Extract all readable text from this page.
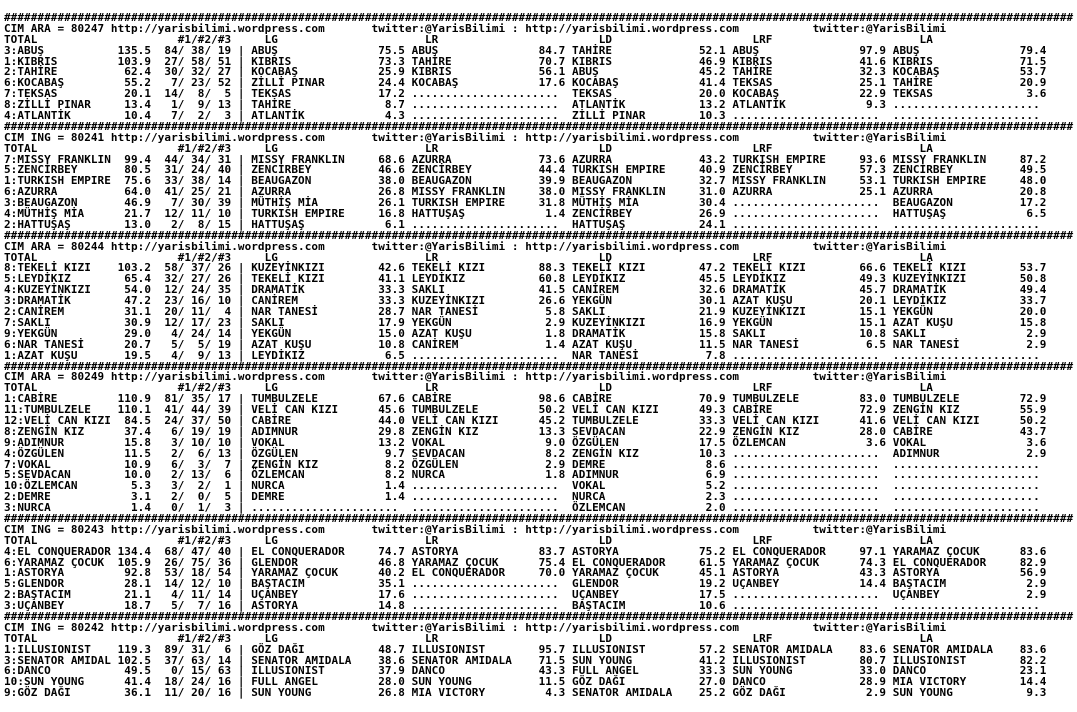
################################################################################################################################################################
CIM ARA = 80247 http://yarisbilimi.wordpress.com       twitter:@YarisBilimi : http://yarisbilimi.wordpress.com           twitter:@YarisBilimi
TOTAL                     #1/#2/#3     LG                      LR                        LD                     LRF                      LA
3:ABUŞ           135.5  84/ 38/ 19 | ABUŞ               75.5 ABUŞ               84.7 TAHİRE             52.1 ABUŞ               97.9 ABUŞ               79.4
1:KIBRIS         103.9  27/ 58/ 51 | KIBRIS             73.3 TAHİRE             70.7 KIBRIS             46.9 KIBRIS             41.6 KIBRIS             71.5
2:TAHİRE          62.4  30/ 32/ 27 | KOCABAŞ            25.9 KIBRIS             56.1 ABUŞ               45.2 TAHİRE             32.3 KOCABAŞ            53.7
6:KOCABAŞ         55.2   7/ 23/ 52 | ZİLLİ PINAR        24.4 KOCABAŞ            17.6 KOCABAŞ            41.4 TEKSAS             25.1 TAHİRE             20.9
7:TEKSAS          20.1  14/  8/  5 | TEKSAS             17.2 ......................  TEKSAS             20.0 KOCABAŞ            22.9 TEKSAS              3.6
8:ZİLLİ PINAR     13.4   1/  9/ 13 | TAHİRE              8.7 ......................  ATLANTİK           13.2 ATLANTİK            9.3 ......................
4:ATLANTİK        10.4   7/  2/  3 | ATLANTİK            4.3 ......................  ZİLLİ PINAR        10.3 ......................  ......................
################################################################################################################################################################
CIM ING = 80241 http://yarisbilimi.wordpress.com       twitter:@YarisBilimi : http://yarisbilimi.wordpress.com           twitter:@YarisBilimi
TOTAL                     #1/#2/#3     LG                      LR                        LD                     LRF                      LA
7:MISSY FRANKLIN  99.4  44/ 34/ 31 | MISSY FRANKLIN     68.6 AZURRA             73.6 AZURRA             43.2 TURKISH EMPIRE     93.6 MISSY FRANKLIN     87.2
5:ZENCİRBEY       80.5  31/ 24/ 40 | ZENCİRBEY          46.6 ZENCİRBEY          44.4 TURKISH EMPIRE     40.9 ZENCİRBEY          57.3 ZENCİRBEY          49.5
1:TURKISH EMPIRE  75.6  33/ 38/ 14 | BEAUGAZON          38.0 BEAUGAZON          39.9 BEAUGAZON          32.7 MISSY FRANKLIN     53.1 TURKISH EMPIRE     48.0
6:AZURRA          64.0  41/ 25/ 21 | AZURRA             26.8 MISSY FRANKLIN     38.0 MISSY FRANKLIN     31.0 AZURRA             25.1 AZURRA             20.8
3:BEAUGAZON       46.9   7/ 30/ 39 | MÜTHİŞ MİA         26.1 TURKISH EMPIRE     31.8 MÜTHİŞ MİA         30.4 ......................  BEAUGAZON          17.2
4:MÜTHİŞ MİA      21.7  12/ 11/ 10 | TURKISH EMPIRE     16.8 HATTUŞAŞ            1.4 ZENCİRBEY          26.9 ......................  HATTUŞAŞ            6.5
2:HATTUŞAŞ        13.0   2/  8/ 15 | HATTUŞAŞ            6.1 ......................  HATTUŞAŞ           24.1 ......................  ......................
################################################################################################################################################################
CIM ARA = 80244 http://yarisbilimi.wordpress.com       twitter:@YarisBilimi : http://yarisbilimi.wordpress.com           twitter:@YarisBilimi
TOTAL                     #1/#2/#3     LG                      LR                        LD                     LRF                      LA
8:TEKELİ KIZI    103.2  58/ 37/ 26 | KUZEYİNKIZI        42.6 TEKELİ KIZI        88.3 TEKELİ KIZI        47.2 TEKELİ KIZI        66.6 TEKELİ KIZI        53.7
5:LEYDİKIZ        65.4  32/ 27/ 26 | TEKELİ KIZI        41.1 LEYDİKIZ           60.8 LEYDİKIZ           45.5 LEYDİKIZ           49.3 KUZEYİNKIZI        50.8
4:KUZEYİNKIZI     54.0  12/ 24/ 35 | DRAMATİK           33.3 SAKLI              41.5 CANİREM            32.6 DRAMATİK           45.7 DRAMATİK           49.4
3:DRAMATİK        47.2  23/ 16/ 10 | CANİREM            33.3 KUZEYİNKIZI        26.6 YEKGÜN             30.1 AZAT KUŞU          20.1 LEYDİKIZ           33.7
2:CANİREM         31.1  20/ 11/  4 | NAR TANESİ         28.7 NAR TANESİ          5.8 SAKLI              21.9 KUZEYİNKIZI        15.1 YEKGÜN             20.0
7:SAKLI           30.9  12/ 17/ 23 | SAKLI              17.9 YEKGÜN              2.9 KUZEYİNKIZI        16.9 YEKGÜN             15.1 AZAT KUŞU          15.8
9:YEKGÜN          29.0   4/ 24/ 14 | YEKGÜN             15.0 AZAT KUŞU           1.8 DRAMATİK           15.8 SAKLI              10.8 SAKLI               2.9
6:NAR TANESİ      20.7   5/  5/ 19 | AZAT KUŞU          10.8 CANİREM             1.4 AZAT KUŞU          11.5 NAR TANESİ          6.5 NAR TANESİ          2.9
1:AZAT KUŞU       19.5   4/  9/ 13 | LEYDİKIZ            6.5 ......................  NAR TANESİ          7.8 ......................  ......................
################################################################################################################################################################
CIM ARA = 80249 http://yarisbilimi.wordpress.com       twitter:@YarisBilimi : http://yarisbilimi.wordpress.com           twitter:@YarisBilimi
TOTAL                     #1/#2/#3     LG                      LR                        LD                     LRF                      LA
1:CABİRE         110.9  81/ 35/ 17 | TUMBULZELE         67.6 CABİRE             98.6 CABİRE             70.9 TUMBULZELE         83.0 TUMBULZELE         72.9
11:TUMBULZELE    110.1  41/ 44/ 39 | VELİ CAN KIZI      45.6 TUMBULZELE         50.2 VELİ CAN KIZI      49.3 CABİRE             72.9 ZENGİN KIZ         55.9
12:VELİ CAN KIZI  84.5  24/ 37/ 50 | CABİRE             44.0 VELİ CAN KIZI      45.2 TUMBULZELE         33.3 VELİ CAN KIZI      41.6 VELİ CAN KIZI      50.2
8:ZENGİN KIZ      37.4   6/ 19/ 19 | ADIMNUR            29.8 ZENGİN KIZ         13.3 SEVDACAN           22.9 ZENGİN KIZ         28.0 CABİRE             43.7
9:ADIMNUR         15.8   3/ 10/ 10 | VOKAL              13.2 VOKAL               9.0 ÖZGÜLEN            17.5 ÖZLEMCAN            3.6 VOKAL               3.6
4:ÖZGÜLEN         11.5   2/  6/ 13 | ÖZGÜLEN             9.7 SEVDACAN            8.2 ZENGİN KIZ         10.3 ......................  ADIMNUR             2.9
7:VOKAL           10.9   6/  3/  7 | ZENGİN KIZ          8.2 ÖZGÜLEN             2.9 DEMRE               8.6 ......................  ......................
5:SEVDACAN        10.0   2/ 13/  6 | ÖZLEMCAN            8.2 NURCA               1.8 ADIMNUR             6.9 ......................  ......................
10:ÖZLEMCAN        5.3   3/  2/  1 | NURCA               1.4 ......................  VOKAL               5.2 ......................  ......................
2:DEMRE            3.1   2/  0/  5 | DEMRE               1.4 ......................  NURCA               2.3 ......................  ......................
3:NURCA            1.4   0/  1/  3 | ......................  ......................  ÖZLEMCAN            2.0 ......................  ......................
################################################################################################################################################################
CIM ING = 80243 http://yarisbilimi.wordpress.com       twitter:@YarisBilimi : http://yarisbilimi.wordpress.com           twitter:@YarisBilimi
TOTAL                     #1/#2/#3     LG                      LR                        LD                     LRF                      LA
4:EL CONQUERADOR 134.4  68/ 47/ 40 | EL CONQUERADOR     74.7 ASTORYA            83.7 ASTORYA            75.2 EL CONQUERADOR     97.1 YARAMAZ ÇOCUK      83.6
6:YARAMAZ ÇOCUK  105.9  26/ 75/ 36 | GLENDOR            46.8 YARAMAZ ÇOCUK      75.4 EL CONQUERADOR     61.5 YARAMAZ ÇOCUK      74.3 EL CONQUERADOR     82.9
1:ASTORYA         92.8  53/ 18/ 54 | YARAMAZ ÇOCUK      40.2 EL CONQUERADOR     70.0 YARAMAZ ÇOCUK      45.1 ASTORYA            43.3 ASTORYA            56.9
5:GLENDOR         28.1  14/ 12/ 10 | BAŞTACIM           35.1 ......................  GLENDOR            19.2 UÇANBEY            14.4 BAŞTACIM            2.9
2:BAŞTACIM        21.1   4/ 11/ 14 | UÇANBEY            17.6 ......................  UÇANBEY            17.5 ......................  UÇANBEY             2.9
3:UÇANBEY         18.7   5/  7/ 16 | ASTORYA            14.8 ......................  BAŞTACIM           10.6 ......................  ......................
################################################################################################################################################################
CIM ING = 80242 http://yarisbilimi.wordpress.com       twitter:@YarisBilimi : http://yarisbilimi.wordpress.com           twitter:@YarisBilimi
TOTAL                     #1/#2/#3     LG                      LR                        LD                     LRF                      LA
1:ILLUSIONIST    119.3  89/ 31/  6 | GÖZ DAĞI           48.7 ILLUSIONIST        95.7 ILLUSIONIST        57.2 SENATOR AMIDALA    83.6 SENATOR AMIDALA    83.6
3:SENATOR AMIDAL 102.5  37/ 63/ 14 | SENATOR AMIDALA    38.6 SENATOR AMIDALA    71.5 SUN YOUNG          41.2 ILLUSIONIST        80.7 ILLUSIONIST        82.2
6:DANCO           49.5   0/ 15/ 63 | ILLUSIONIST        37.9 DANCO              43.3 FULL ANGEL         33.3 SUN YOUNG          33.0 DANCO              23.1
10:SUN YOUNG      41.4  18/ 24/ 16 | FULL ANGEL         28.0 SUN YOUNG          11.5 GÖZ DAĞI           27.0 DANCO              28.9 MIA VICTORY        14.4
9:GÖZ DAĞI        36.1  11/ 20/ 16 | SUN YOUNG          26.8 MIA VICTORY         4.3 SENATOR AMIDALA    25.2 GÖZ DAĞI            2.9 SUN YOUNG           9.3
